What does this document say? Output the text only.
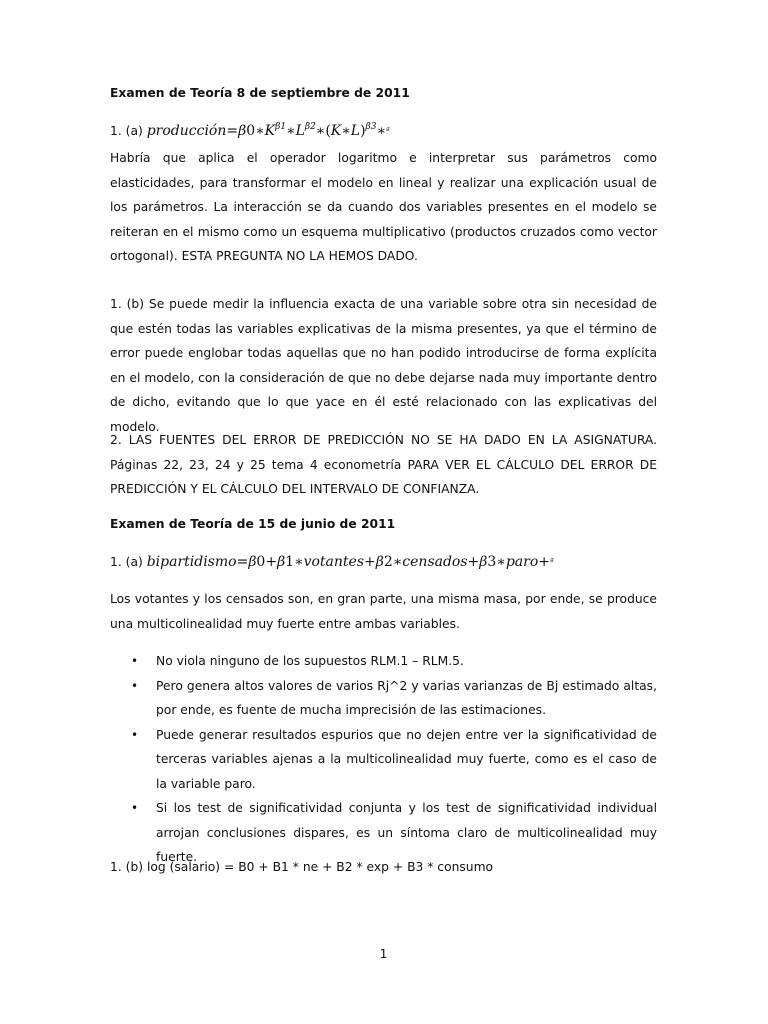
Examen de Teoría 8 de septiembre de 2011
1. (a) $producción=\beta 0∗K^{\beta 1}∗L^{\beta 2}∗(K∗L)^{\beta 3}∗ª$

Habría que aplica el operador logaritmo e interpretar sus parámetros como elasticidades, para transformar el modelo en lineal y realizar una explicación usual de los parámetros. La interacción se da cuando dos variables presentes en el modelo se reiteran en el mismo como un esquema multiplicativo (productos cruzados como vector ortogonal). ESTA PREGUNTA NO LA HEMOS DADO.

1. (b) Se puede medir la influencia exacta de una variable sobre otra sin necesidad de que estén todas las variables explicativas de la misma presentes, ya que el término de error puede englobar todas aquellas que no han podido introducirse de forma explícita en el modelo, con la consideración de que no debe dejarse nada muy importante dentro de dicho, evitando que lo que yace en él esté relacionado con las explicativas del modelo.

2. LAS FUENTES DEL ERROR DE PREDICCIÓN NO SE HA DADO EN LA ASIGNATURA. Páginas 22, 23, 24 y 25 tema 4 econometría PARA VER EL CÁLCULO DEL ERROR DE PREDICCIÓN Y EL CÁLCULO DEL INTERVALO DE CONFIANZA.

Examen de Teoría de 15 de junio de 2011
1. (a) bipartidismo=β0+β1∗votantes+β2∗censados+β3∗paro+ª

Los votantes y los censados son, en gran parte, una misma masa, por ende, se produce una multicolinealidad muy fuerte entre ambas variables.

• No viola ninguno de los supuestos RLM.1 – RLM.5.
• Pero genera altos valores de varios Rj^2 y varias varianzas de Bj estimado altas, por ende, es fuente de mucha imprecisión de las estimaciones.
• Puede generar resultados espurios que no dejen entre ver la significatividad de terceras variables ajenas a la multicolinealidad muy fuerte, como es el caso de la variable paro.
• Si los test de significatividad conjunta y los test de significatividad individual arrojan conclusiones dispares, es un síntoma claro de multicolinealidad muy fuerte.
1. (b) log (salario) = B0 + B1 * ne + B2 * exp + B3 * consumo
1
